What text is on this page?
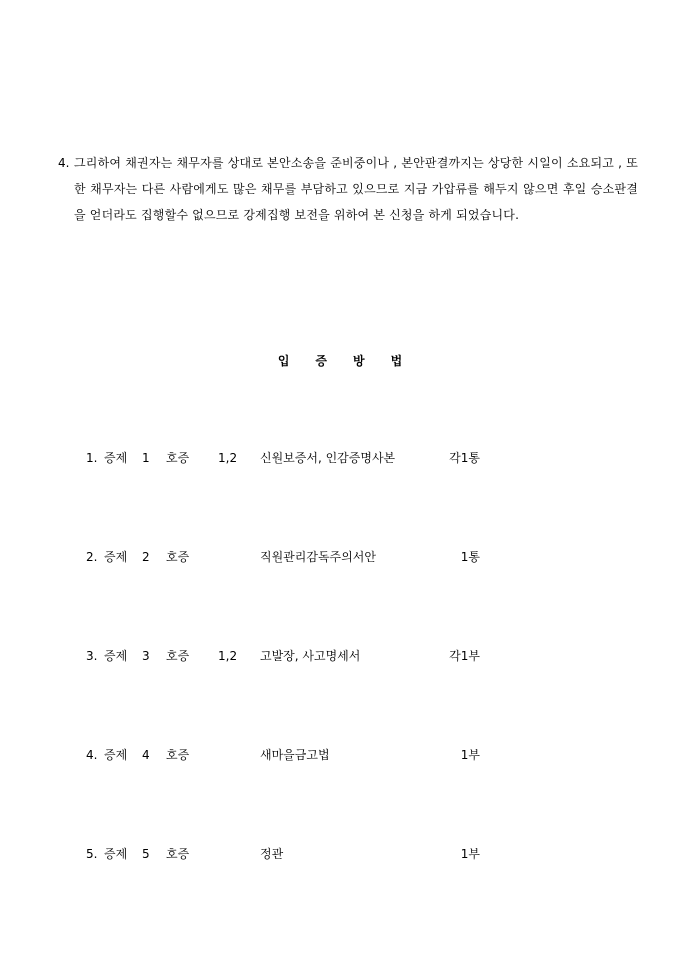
4. 그리하여 채권자는 채무자를 상대로 본안소송을 준비중이나 , 본안판결까지는 상당한 시일이 소요되고 , 또한 채무자는 다른 사람에게도 많은 채무를 부담하고 있으므로 지금 가압류를 해두지 않으면 후일 승소판결을 얻더라도 집행할수 없으므로 강제집행 보전을 위하여 본 신청을 하게 되었습니다.
입증방법
1. 증제 1 호증 1,2 신원보증서, 인감증명사본	각1통
2. 증제 2 호증	직원관리감독주의서안	1통
3. 증제 3 호증 1,2 고발장, 사고명세서	각1부
4. 증제 4 호증	새마을금고법	1부
5. 증제 5 호증	정관	1부
